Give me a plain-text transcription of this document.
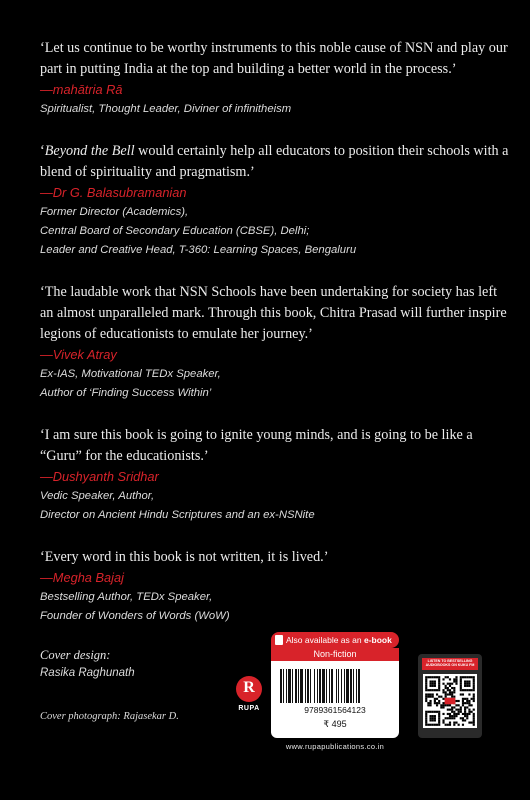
‘Let us continue to be worthy instruments to this noble cause of NSN and play our part in putting India at the top and building a better world in the process.’

—mahātria Rā

Spiritualist, Thought Leader, Diviner of infinitheism

‘Beyond the Bell would certainly help all educators to position their schools with a blend of spirituality and pragmatism.’

—Dr G. Balasubramanian

Former Director (Academics),

Central Board of Secondary Education (CBSE), Delhi;

Leader and Creative Head, T-360: Learning Spaces, Bengaluru

‘The laudable work that NSN Schools have been undertaking for society has left an almost unparalleled mark. Through this book, Chitra Prasad will further inspire legions of educationists to emulate her journey.’

—Vivek Atray

Ex-IAS, Motivational TEDx Speaker,

Author of ‘Finding Success Within’

‘I am sure this book is going to ignite young minds, and is going to be like a “Guru” for the educationists.’

—Dushyanth Sridhar

Vedic Speaker, Author,

Director on Ancient Hindu Scriptures and an ex-NSNite

‘Every word in this book is not written, it is lived.’

—Megha Bajaj

Bestselling Author, TEDx Speaker,

Founder of Wonders of Words (WoW)

Cover design:
Rasika Raghunath
Cover photograph: Rajasekar D.
R
RUPA
Also available as an e-book
Non-fiction
9789361564123
₹ 495
www.rupapublications.co.in
LISTEN TO BESTSELLING AUDIOBOOKS ON KUKU FM
